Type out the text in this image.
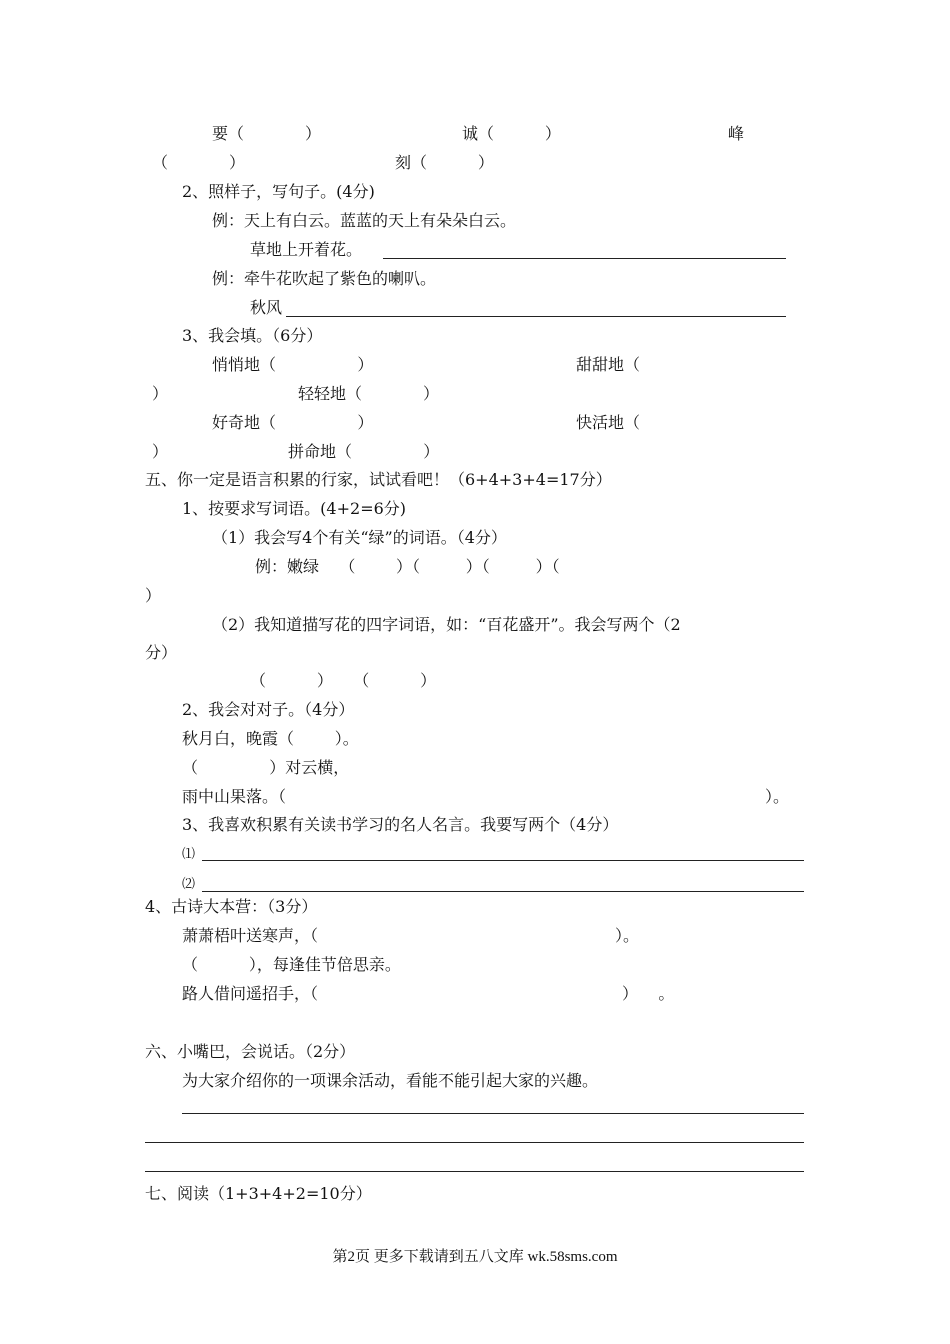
要（            ）	诚（          ）	峰
（            ）	刻（          ）
2、照样子，写句子。(4分)
例：天上有白云。蓝蓝的天上有朵朵白云。
草地上开着花。
例：牵牛花吹起了紫色的喇叭。
秋风
3、我会填。（6分）
悄悄地（                ）	甜甜地（
）	轻轻地（            ）
好奇地（                ）	快活地（
）	拼命地（              ）
五、你一定是语言积累的行家，试试看吧！（6+4+3+4=17分）
1、按要求写词语。(4+2=6分)
（1）我会写4个有关“绿”的词语。（4分）
例：嫩绿    （        ）（         ）（         ）（
）
（2）我知道描写花的四字词语，如：“百花盛开”。我会写两个（2
分）
（          ）    （          ）
2、我会对对子。（4分）
秋月白，晚霞（        ）。
（              ）对云横，
雨中山果落。（	）。
3、我喜欢积累有关读书学习的名人名言。我要写两个（4分）
⑴
⑵
4、古诗大本营：（3分）
萧萧梧叶送寒声，（	）。
（          ），每逢佳节倍思亲。
路人借问遥招手，（	）    。
六、小嘴巴，会说话。（2分）
为大家介绍你的一项课余活动，看能不能引起大家的兴趣。
七、阅读（1+3+4+2=10分）
第2页 更多下载请到五八文库 wk.58sms.com
